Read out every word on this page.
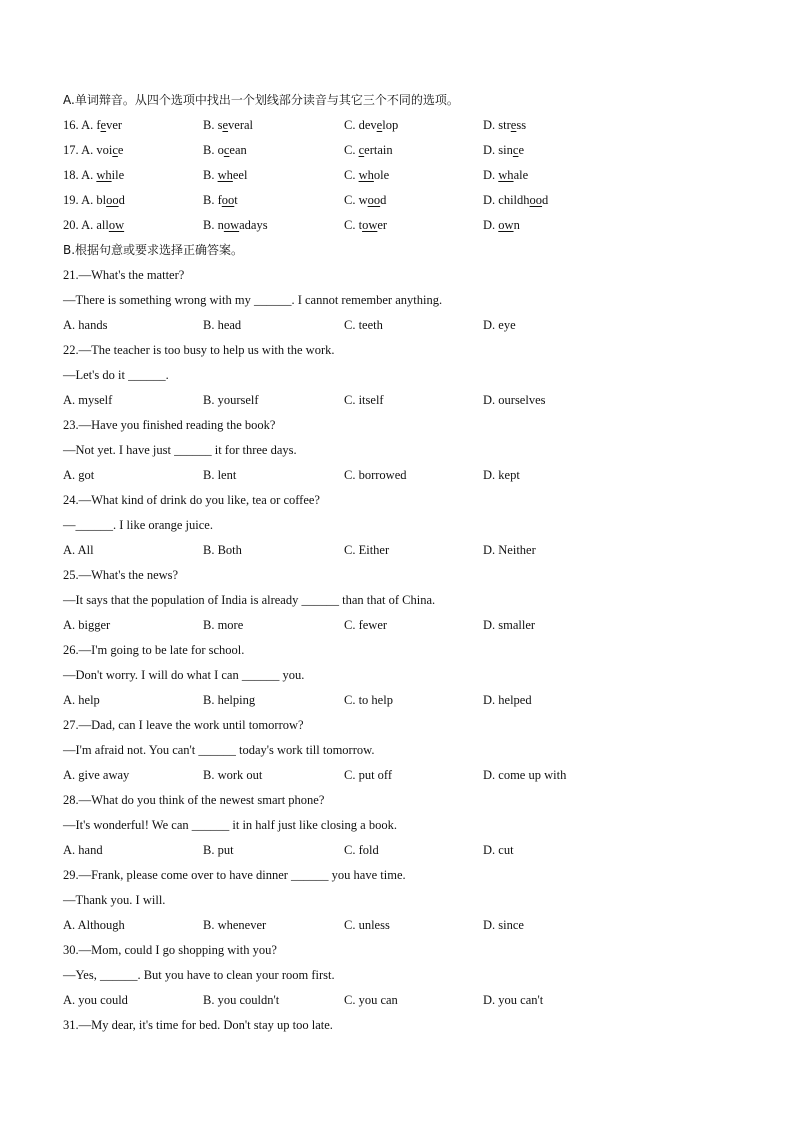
A.单词辩音。从四个选项中找出一个划线部分读音与其它三个不同的选项。
16. A. fever	B. several	C. develop	D. stress
17. A. voice	B. ocean	C. certain	D. since
18. A. while	B. wheel	C. whole	D. whale
19. A. blood	B. foot	C. wood	D. childhood
20. A. allow	B. nowadays	C. tower	D. own
B.根据句意或要求选择正确答案。
21.—What's the matter?
—There is something wrong with my ______. I cannot remember anything.
A. hands	B. head	C. teeth	D. eye
22.—The teacher is too busy to help us with the work.
—Let's do it ______.
A. myself	B. yourself	C. itself	D. ourselves
23.—Have you finished reading the book?
—Not yet. I have just ______ it for three days.
A. got	B. lent	C. borrowed	D. kept
24.—What kind of drink do you like, tea or coffee?
—______. I like orange juice.
A. All	B. Both	C. Either	D. Neither
25.—What's the news?
—It says that the population of India is already ______ than that of China.
A. bigger	B. more	C. fewer	D. smaller
26.—I'm going to be late for school.
—Don't worry. I will do what I can ______ you.
A. help	B. helping	C. to help	D. helped
27.—Dad, can I leave the work until tomorrow?
—I'm afraid not. You can't ______ today's work till tomorrow.
A. give away	B. work out	C. put off	D. come up with
28.—What do you think of the newest smart phone?
—It's wonderful! We can ______ it in half just like closing a book.
A. hand	B. put	C. fold	D. cut
29.—Frank, please come over to have dinner ______ you have time.
—Thank you. I will.
A. Although	B. whenever	C. unless	D. since
30.—Mom, could I go shopping with you?
—Yes, ______. But you have to clean your room first.
A. you could	B. you couldn't	C. you can	D. you can't
31.—My dear, it's time for bed. Don't stay up too late.
